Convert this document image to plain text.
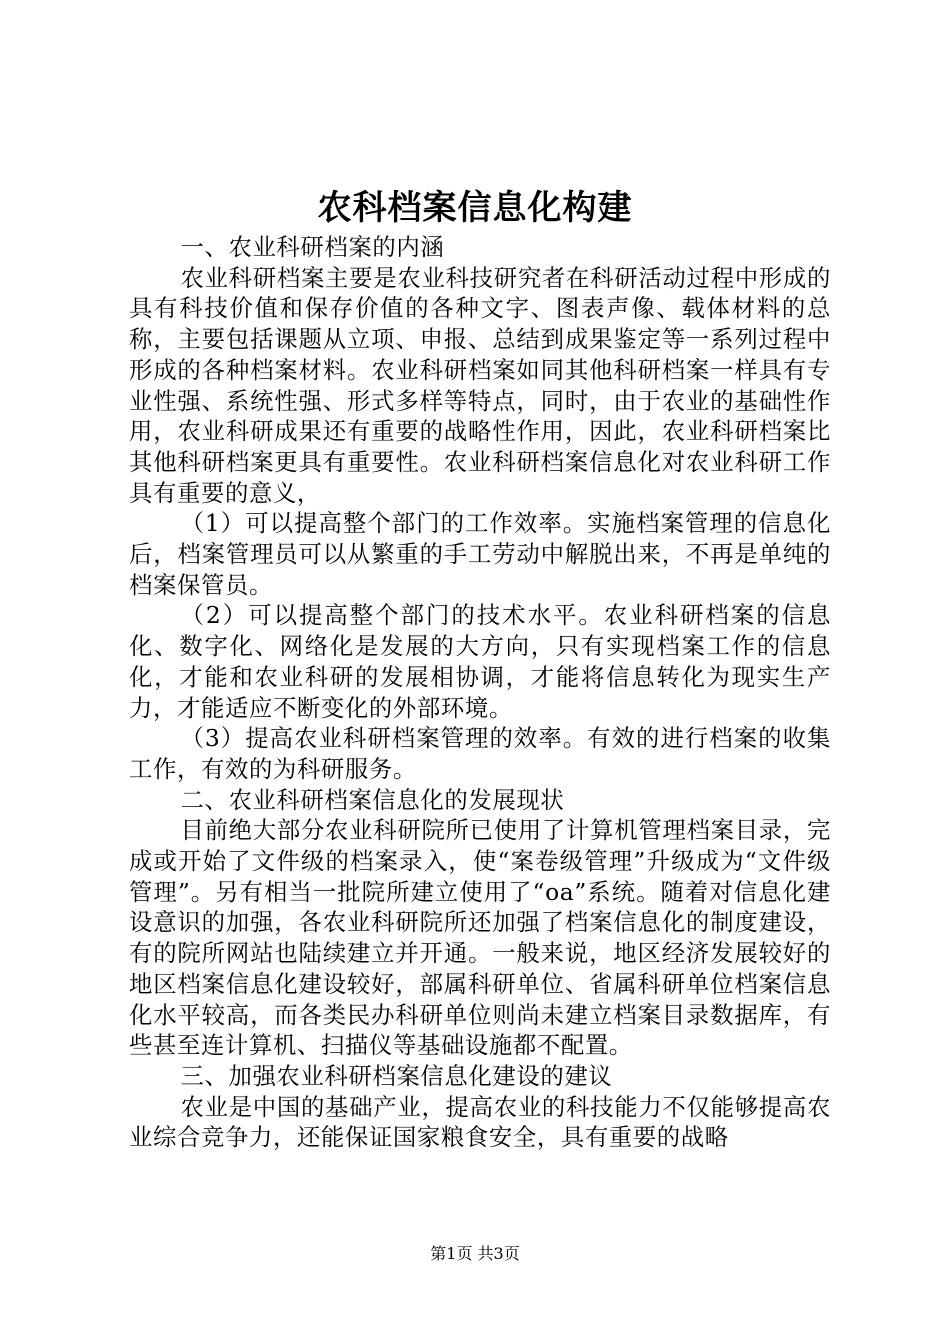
农科档案信息化构建

一、农业科研档案的内涵

农业科研档案主要是农业科技研究者在科研活动过程中形成的具有科技价值和保存价值的各种文字、图表声像、载体材料的总称，主要包括课题从立项、申报、总结到成果鉴定等一系列过程中形成的各种档案材料。农业科研档案如同其他科研档案一样具有专业性强、系统性强、形式多样等特点，同时，由于农业的基础性作用，农业科研成果还有重要的战略性作用，因此，农业科研档案比其他科研档案更具有重要性。农业科研档案信息化对农业科研工作具有重要的意义，

（1）可以提高整个部门的工作效率。实施档案管理的信息化后，档案管理员可以从繁重的手工劳动中解脱出来，不再是单纯的档案保管员。

（2）可以提高整个部门的技术水平。农业科研档案的信息化、数字化、网络化是发展的大方向，只有实现档案工作的信息化，才能和农业科研的发展相协调，才能将信息转化为现实生产力，才能适应不断变化的外部环境。

（3）提高农业科研档案管理的效率。有效的进行档案的收集工作，有效的为科研服务。

二、农业科研档案信息化的发展现状

目前绝大部分农业科研院所已使用了计算机管理档案目录，完成或开始了文件级的档案录入，使“案卷级管理”升级成为“文件级管理”。另有相当一批院所建立使用了“oa”系统。随着对信息化建设意识的加强，各农业科研院所还加强了档案信息化的制度建设，有的院所网站也陆续建立并开通。一般来说，地区经济发展较好的地区档案信息化建设较好，部属科研单位、省属科研单位档案信息化水平较高，而各类民办科研单位则尚未建立档案目录数据库，有些甚至连计算机、扫描仪等基础设施都不配置。

三、加强农业科研档案信息化建设的建议

农业是中国的基础产业，提高农业的科技能力不仅能够提高农业综合竞争力，还能保证国家粮食安全，具有重要的战略

第1页 共3页
